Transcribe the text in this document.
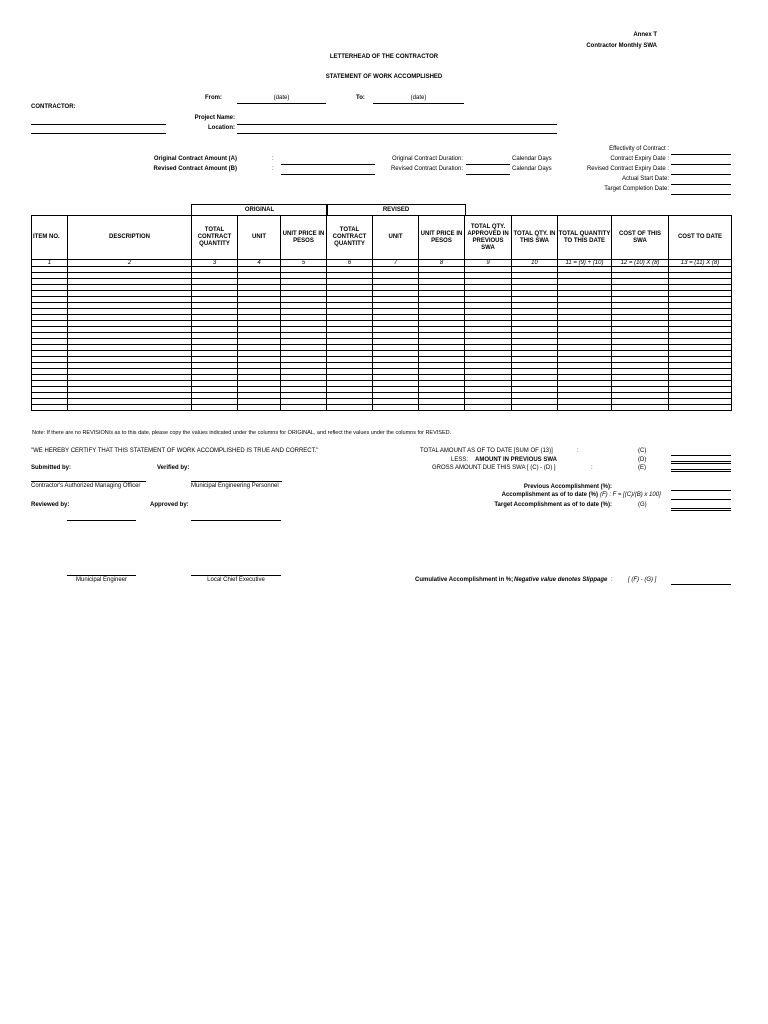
Annex T
Contractor Monthly SWA
LETTERHEAD OF THE CONTRACTOR
STATEMENT OF WORK ACCOMPLISHED
From:	(date)	To:	(date)
CONTRACTOR:
Project Name:
Location:
Original Contract Amount (A)	:
Revised Contract Amount (B)	:
Original Contract Duration:	Calendar Days
Revised Contract Duration:	Calendar Days
Effectivity of Contract :
Contract Expiry Date :
Revised Contract Expiry Date :
Actual Start Date:
Target Completion Date:
ORIGINAL	REVISED
ITEM NO.	DESCRIPTION	TOTAL CONTRACT QUANTITY	UNIT	UNIT PRICE IN PESOS	TOTAL CONTRACT QUANTITY	UNIT	UNIT PRICE IN PESOS	TOTAL QTY. APPROVED IN PREVIOUS SWA	TOTAL QTY. IN THIS SWA	TOTAL QUANTITY TO THIS DATE	COST OF THIS SWA	COST TO DATE
1	2	3	4	5	6	7	8	9	10	11 = (9) + (10)	12 = (10) X (8)	13 = (11) X (8)

Note: If there are no REVISION/s as to this date, please copy the values indicated under the columns for ORIGINAL, and reflect the values under the columns for REVISED.
"WE HEREBY CERTIFY THAT THIS STATEMENT OF WORK ACCOMPLISHED IS TRUE AND CORRECT."
Submitted by:	Verified by:
Contractor's Authorized Managing Officer	Municipal Engineering Personnel
Reviewed by:	Approved by:
Municipal Engineer	Local Chief Executive
TOTAL AMOUNT AS OF TO DATE [SUM OF (13)]	:	(C)
LESS: AMOUNT IN PREVIOUS SWA	(D)
GROSS AMOUNT DUE THIS SWA [ (C) - (D) ]	:	(E)
Previous Accomplishment (%):
Accomplishment as of to date (%) (F) : F = [(C)/(B) x 100]
Target Accomplishment as of to date (%):	(G)
Cumulative Accomplishment in %; Negative value denotes Slippage :	[ (F) - (G) ]
